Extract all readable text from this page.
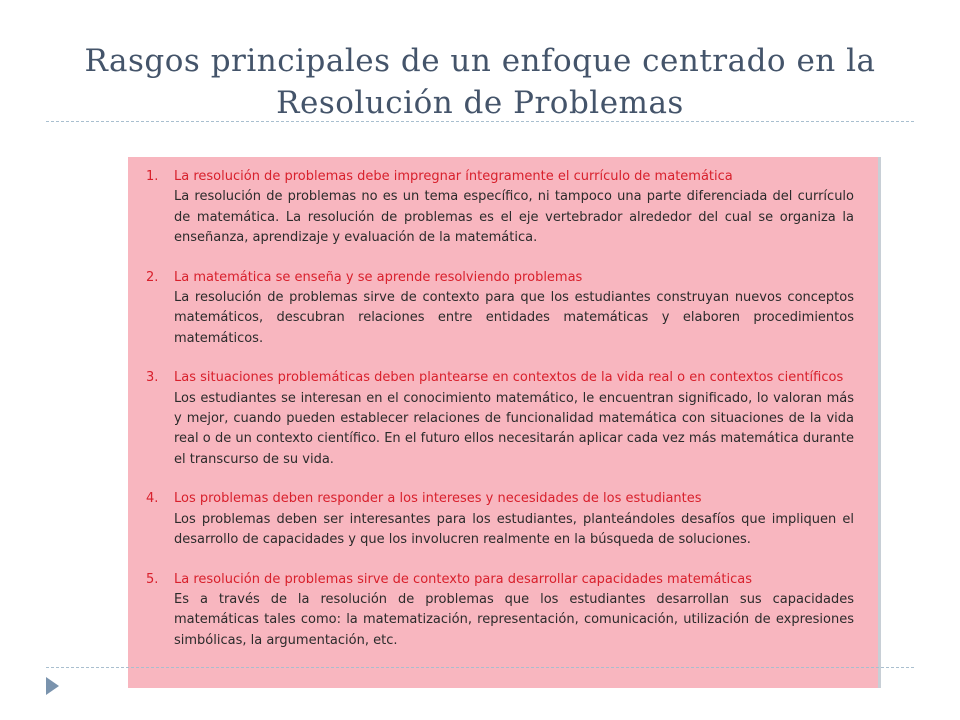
Rasgos principales de un enfoque centrado en la Resolución de Problemas
1.	La resolución de problemas debe impregnar íntegramente el currículo de matemática
La resolución de problemas no es un tema específico, ni tampoco una parte diferenciada del currículo de matemática. La resolución de problemas es el eje vertebrador alrededor del cual se organiza la enseñanza, aprendizaje y evaluación de la matemática.
2.	La matemática se enseña y se aprende resolviendo problemas
La resolución de problemas sirve de contexto para que los estudiantes construyan nuevos conceptos matemáticos, descubran relaciones entre entidades matemáticas y elaboren procedimientos matemáticos.
3.	Las situaciones problemáticas deben plantearse en contextos de la vida real o en contextos científicos
Los estudiantes se interesan en el conocimiento matemático, le encuentran significado, lo valoran más y mejor, cuando pueden establecer relaciones de funcionalidad matemática con situaciones de la vida real o de un contexto científico. En el futuro ellos necesitarán aplicar cada vez más matemática durante el transcurso de su vida.
4.	Los problemas deben responder a los intereses y necesidades de los estudiantes
Los problemas deben ser interesantes para los estudiantes, planteándoles desafíos que impliquen el desarrollo de capacidades y que los involucren realmente en la búsqueda de soluciones.
5.	La resolución de problemas sirve de contexto para desarrollar capacidades matemáticas
Es a través de la resolución de problemas que los estudiantes desarrollan sus capacidades matemáticas tales como: la matematización, representación, comunicación, utilización de expresiones simbólicas, la argumentación, etc.
